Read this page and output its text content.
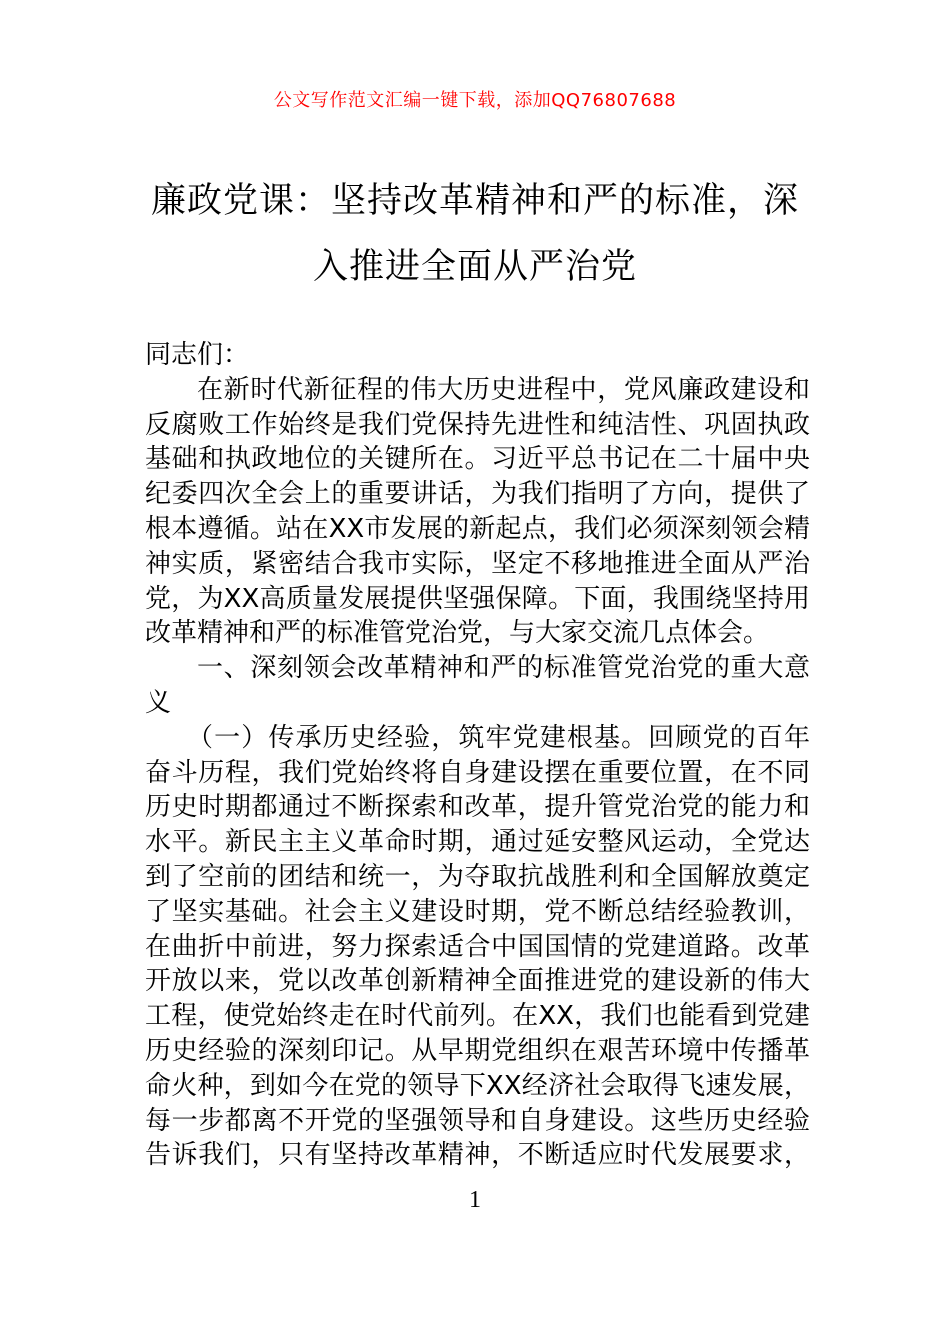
公文写作范文汇编一键下载，添加QQ76807688
廉政党课：坚持改革精神和严的标准，深
入推进全面从严治党
同志们：
在新时代新征程的伟大历史进程中，党风廉政建设和
反腐败工作始终是我们党保持先进性和纯洁性、巩固执政
基础和执政地位的关键所在。习近平总书记在二十届中央
纪委四次全会上的重要讲话，为我们指明了方向，提供了
根本遵循。站在XX市发展的新起点，我们必须深刻领会精
神实质，紧密结合我市实际，坚定不移地推进全面从严治
党，为XX高质量发展提供坚强保障。下面，我围绕坚持用
改革精神和严的标准管党治党，与大家交流几点体会。
一、深刻领会改革精神和严的标准管党治党的重大意
义
（一）传承历史经验，筑牢党建根基。回顾党的百年
奋斗历程，我们党始终将自身建设摆在重要位置，在不同
历史时期都通过不断探索和改革，提升管党治党的能力和
水平。新民主主义革命时期，通过延安整风运动，全党达
到了空前的团结和统一，为夺取抗战胜利和全国解放奠定
了坚实基础。社会主义建设时期，党不断总结经验教训，
在曲折中前进，努力探索适合中国国情的党建道路。改革
开放以来，党以改革创新精神全面推进党的建设新的伟大
工程，使党始终走在时代前列。在XX，我们也能看到党建
历史经验的深刻印记。从早期党组织在艰苦环境中传播革
命火种，到如今在党的领导下XX经济社会取得飞速发展，
每一步都离不开党的坚强领导和自身建设。这些历史经验
告诉我们，只有坚持改革精神，不断适应时代发展要求，
1
